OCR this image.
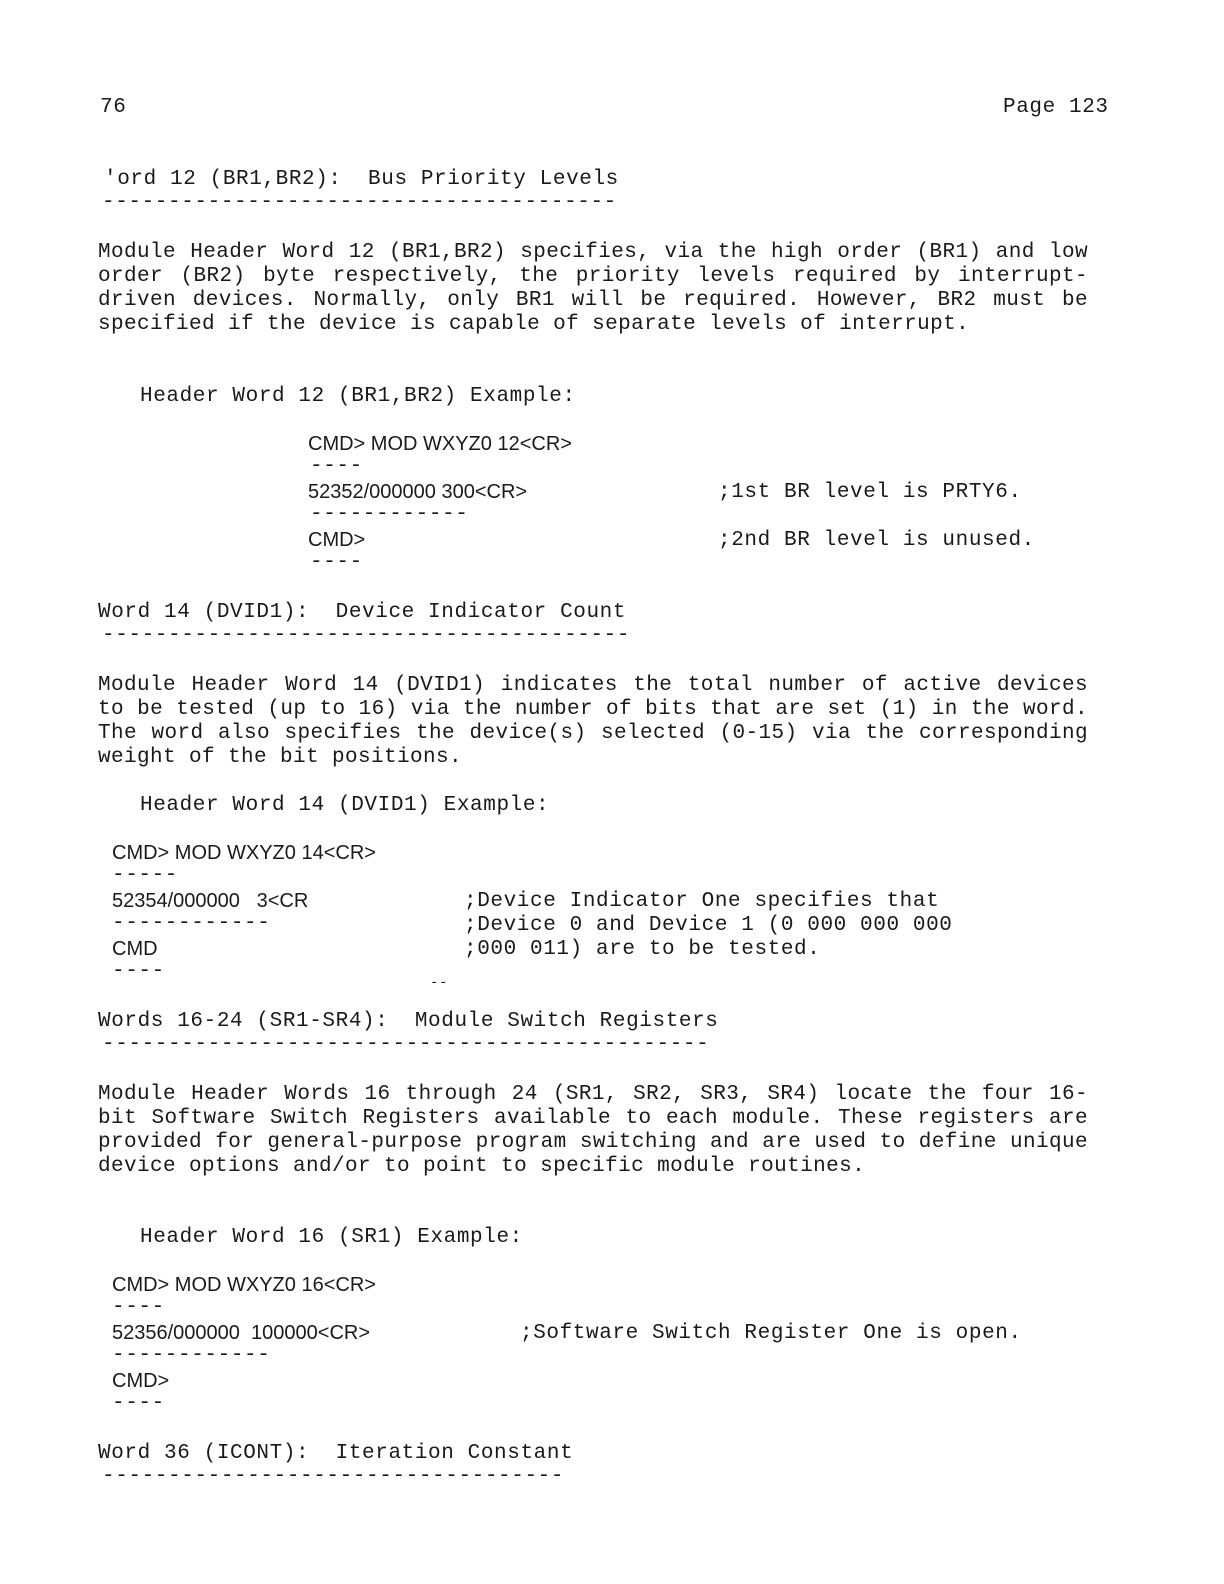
76	Page 123
'ord 12 (BR1,BR2):  Bus Priority Levels
---------------------------------------
Module Header Word 12 (BR1,BR2) specifies, via the high order (BR1) and low order (BR2) byte respectively, the priority levels required by interrupt-driven devices. Normally, only BR1 will be required. However, BR2 must be specified if the device is capable of separate levels of interrupt.
Header Word 12 (BR1,BR2) Example:
CMD> MOD WXYZ0 12<CR>
----
52352/000000 300<CR>
------------
CMD>
----
;1st BR level is PRTY6.
;2nd BR level is unused.
Word 14 (DVID1):  Device Indicator Count
----------------------------------------
Module Header Word 14 (DVID1) indicates the total number of active devices to be tested (up to 16) via the number of bits that are set (1) in the word. The word also specifies the device(s) selected (0-15) via the corresponding weight of the bit positions.
Header Word 14 (DVID1) Example:
CMD> MOD WXYZ0 14<CR>
-----
52354/000000   3<CR
------------
CMD
----
;Device Indicator One specifies that
;Device 0 and Device 1 (0 000 000 000
;000 011) are to be tested.
--
Words 16-24 (SR1-SR4):  Module Switch Registers
----------------------------------------------
Module Header Words 16 through 24 (SR1, SR2, SR3, SR4) locate the four 16-bit Software Switch Registers available to each module. These registers are provided for general-purpose program switching and are used to define unique device options and/or to point to specific module routines.
Header Word 16 (SR1) Example:
CMD> MOD WXYZ0 16<CR>
----
52356/000000  100000<CR>
------------
CMD>
----
;Software Switch Register One is open.
Word 36 (ICONT):  Iteration Constant
-----------------------------------
